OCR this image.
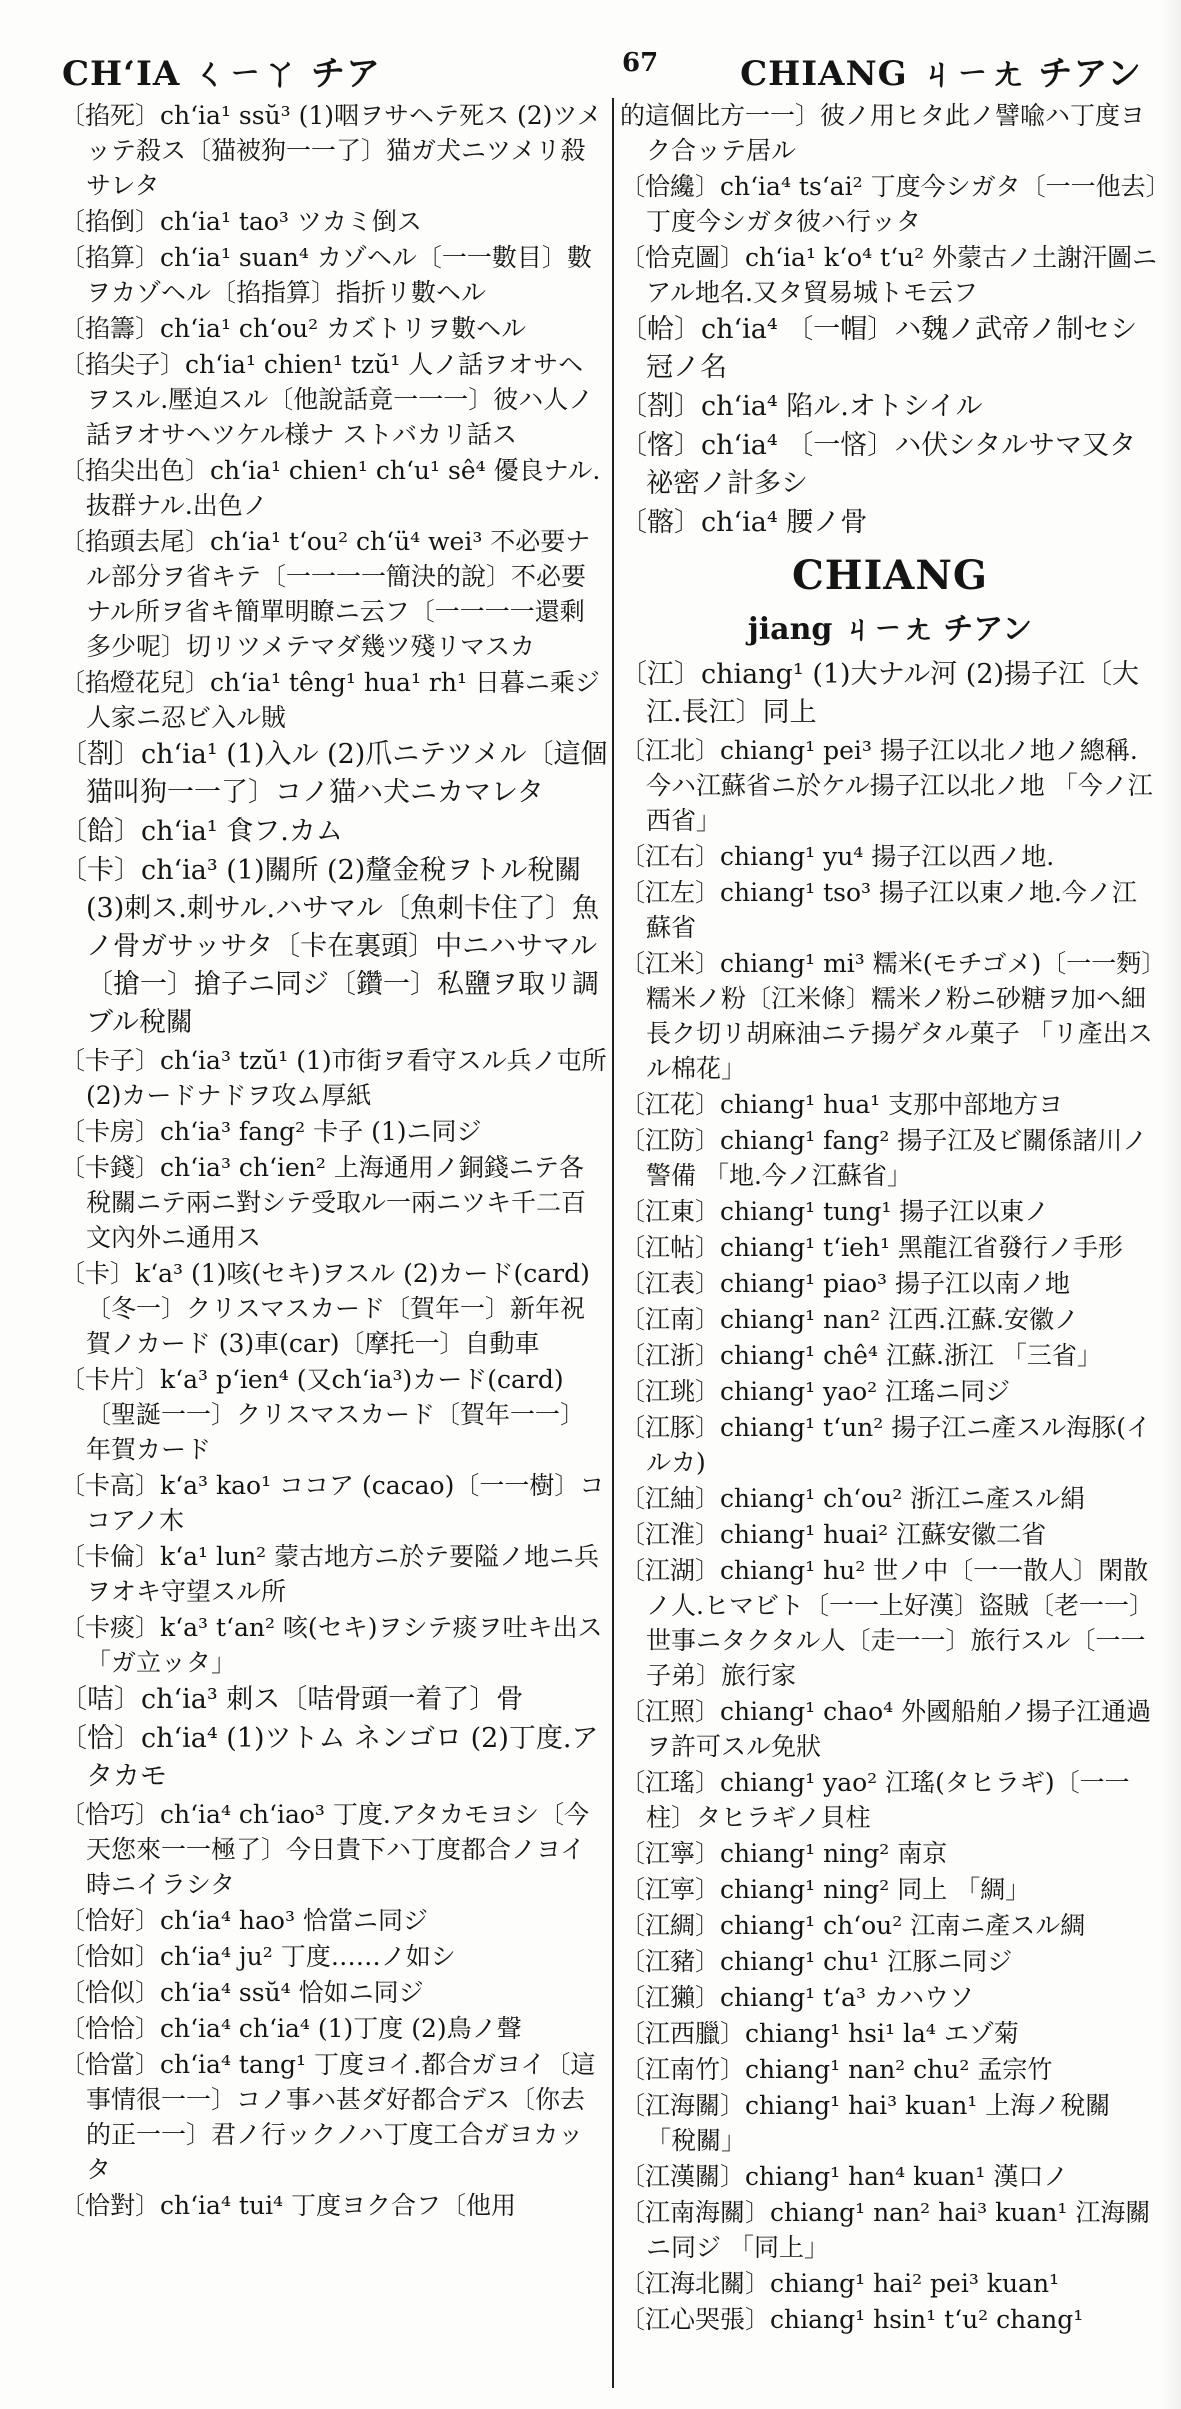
CHʻIA ㄑㄧㄚ チア	67 CHIANG ㄐㄧㄤ チアン
〔掐死〕chʻia¹ ssŭ³ (1)咽ヲサヘテ死ス (2)ツメッテ殺ス〔猫被狗一一了〕猫ガ犬ニツメリ殺サレタ
〔掐倒〕chʻia¹ tao³ ツカミ倒ス
〔掐算〕chʻia¹ suan⁴ カゾヘル〔一一數目〕數ヲカゾヘル〔掐指算〕指折リ數ヘル
〔掐籌〕chʻia¹ chʻou² カズトリヲ數ヘル
〔掐尖子〕chʻia¹ chien¹ tzŭ¹ 人ノ話ヲオサヘヲスル.壓迫スル〔他說話竟一一一〕彼ハ人ノ話ヲオサヘツケル様ナ ストバカリ話ス
〔掐尖出色〕chʻia¹ chien¹ chʻu¹ sê⁴ 優良ナル.抜群ナル.出色ノ
〔掐頭去尾〕chʻia¹ tʻou² chʻü⁴ wei³ 不必要ナル部分ヲ省キテ〔一一一一簡決的說〕不必要ナル所ヲ省キ簡單明瞭ニ云フ〔一一一一還剩多少呢〕切リツメテマダ幾ツ殘リマスカ
〔掐燈花兒〕chʻia¹ têng¹ hua¹ rh¹ 日暮ニ乘ジ人家ニ忍ビ入ル賊
〔剳〕chʻia¹ (1)入ル (2)爪ニテツメル〔這個猫叫狗一一了〕コノ猫ハ犬ニカマレタ
〔餄〕chʻia¹ 食フ.カム
〔卡〕chʻia³ (1)關所 (2)釐金稅ヲトル稅關 (3)刺ス.刺サル.ハサマル〔魚刺卡住了〕魚ノ骨ガサッサタ〔卡在裏頭〕中ニハサマル 〔搶一〕搶子ニ同ジ〔鑽一〕私鹽ヲ取リ調ブル稅關
〔卡子〕chʻia³ tzŭ¹ (1)市街ヲ看守スル兵ノ屯所 (2)カードナドヲ攻ム厚紙
〔卡房〕chʻia³ fang² 卡子 (1)ニ同ジ
〔卡錢〕chʻia³ chʻien² 上海通用ノ銅錢ニテ各稅關ニテ兩ニ對シテ受取ル一兩ニツキ千二百文內外ニ通用ス
〔卡〕kʻa³ (1)咳(セキ)ヲスル (2)カード(card)〔冬一〕クリスマスカード〔賀年一〕新年祝賀ノカード (3)車(car)〔摩托一〕自動車
〔卡片〕kʻa³ pʻien⁴ (又chʻia³)カード(card)〔聖誕一一〕クリスマスカード〔賀年一一〕年賀カード
〔卡高〕kʻa³ kao¹ ココア (cacao)〔一一樹〕ココアノ木
〔卡倫〕kʻa¹ lun² 蒙古地方ニ於テ要隘ノ地ニ兵ヲオキ守望スル所
〔卡痰〕kʻa³ tʻan² 咳(セキ)ヲシテ痰ヲ吐キ出ス 「ガ立ッタ」
〔咭〕chʻia³ 刺ス〔咭骨頭一着了〕骨
〔恰〕chʻia⁴ (1)ツトム ネンゴロ (2)丁度.アタカモ
〔恰巧〕chʻia⁴ chʻiao³ 丁度.アタカモヨシ〔今天您來一一極了〕今日貴下ハ丁度都合ノヨイ時ニイラシタ
〔恰好〕chʻia⁴ hao³ 恰當ニ同ジ
〔恰如〕chʻia⁴ ju² 丁度……ノ如シ
〔恰似〕chʻia⁴ ssŭ⁴ 恰如ニ同ジ
〔恰恰〕chʻia⁴ chʻia⁴ (1)丁度 (2)鳥ノ聲
〔恰當〕chʻia⁴ tang¹ 丁度ヨイ.都合ガヨイ〔這事情很一一〕コノ事ハ甚ダ好都合デス〔你去的正一一〕君ノ行ックノハ丁度工合ガヨカッタ
〔恰對〕chʻia⁴ tui⁴ 丁度ヨク合フ〔他用
的這個比方一一〕彼ノ用ヒタ此ノ譬喩ハ丁度ヨク合ッテ居ル
〔恰纔〕chʻia⁴ tsʻai² 丁度今シガタ〔一一他去〕丁度今シガタ彼ハ行ッタ
〔恰克圖〕chʻia¹ kʻo⁴ tʻu² 外蒙古ノ土謝汗圖ニアル地名.又タ貿易城トモ云フ
〔帢〕chʻia⁴ 〔一帽〕ハ魏ノ武帝ノ制セシ冠ノ名
〔剳〕chʻia⁴ 陷ル.オトシイル
〔愘〕chʻia⁴ 〔一悋〕ハ伏シタルサマ又タ祕密ノ計多シ
〔髂〕chʻia⁴ 腰ノ骨
CHIANG
jiang ㄐㄧㄤ チアン
〔江〕chiang¹ (1)大ナル河 (2)揚子江〔大江.長江〕同上
〔江北〕chiang¹ pei³ 揚子江以北ノ地ノ總稱.今ハ江蘇省ニ於ケル揚子江以北ノ地 「今ノ江西省」
〔江右〕chiang¹ yu⁴ 揚子江以西ノ地.
〔江左〕chiang¹ tso³ 揚子江以東ノ地.今ノ江蘇省
〔江米〕chiang¹ mi³ 糯米(モチゴメ)〔一一麪〕糯米ノ粉〔江米條〕糯米ノ粉ニ砂糖ヲ加ヘ細長ク切リ胡麻油ニテ揚ゲタル菓子 「リ產出スル棉花」
〔江花〕chiang¹ hua¹ 支那中部地方ヨ
〔江防〕chiang¹ fang² 揚子江及ビ關係諸川ノ警備 「地.今ノ江蘇省」
〔江東〕chiang¹ tung¹ 揚子江以東ノ
〔江帖〕chiang¹ tʻieh¹ 黑龍江省發行ノ手形
〔江表〕chiang¹ piao³ 揚子江以南ノ地
〔江南〕chiang¹ nan² 江西.江蘇.安徽ノ
〔江浙〕chiang¹ chê⁴ 江蘇.浙江 「三省」
〔江珧〕chiang¹ yao² 江瑤ニ同ジ
〔江豚〕chiang¹ tʻun² 揚子江ニ產スル海豚(イルカ)
〔江紬〕chiang¹ chʻou² 浙江ニ產スル絹
〔江淮〕chiang¹ huai² 江蘇安徽二省
〔江湖〕chiang¹ hu² 世ノ中〔一一散人〕閑散ノ人.ヒマビト〔一一上好漢〕盜賊〔老一一〕世事ニタクタル人〔走一一〕旅行スル〔一一子弟〕旅行家
〔江照〕chiang¹ chao⁴ 外國船舶ノ揚子江通過ヲ許可スル免狀
〔江瑤〕chiang¹ yao² 江瑤(タヒラギ)〔一一柱〕タヒラギノ貝柱
〔江寧〕chiang¹ ning² 南京
〔江寕〕chiang¹ ning² 同上 「綢」
〔江綢〕chiang¹ chʻou² 江南ニ產スル綢
〔江豬〕chiang¹ chu¹ 江豚ニ同ジ
〔江獺〕chiang¹ tʻa³ カハウソ
〔江西臘〕chiang¹ hsi¹ la⁴ エゾ菊
〔江南竹〕chiang¹ nan² chu² 孟宗竹
〔江海關〕chiang¹ hai³ kuan¹ 上海ノ稅關 「稅關」
〔江漢關〕chiang¹ han⁴ kuan¹ 漢口ノ
〔江南海關〕chiang¹ nan² hai³ kuan¹ 江海關ニ同ジ 「同上」
〔江海北關〕chiang¹ hai² pei³ kuan¹
〔江心哭張〕chiang¹ hsin¹ tʻu² chang¹
